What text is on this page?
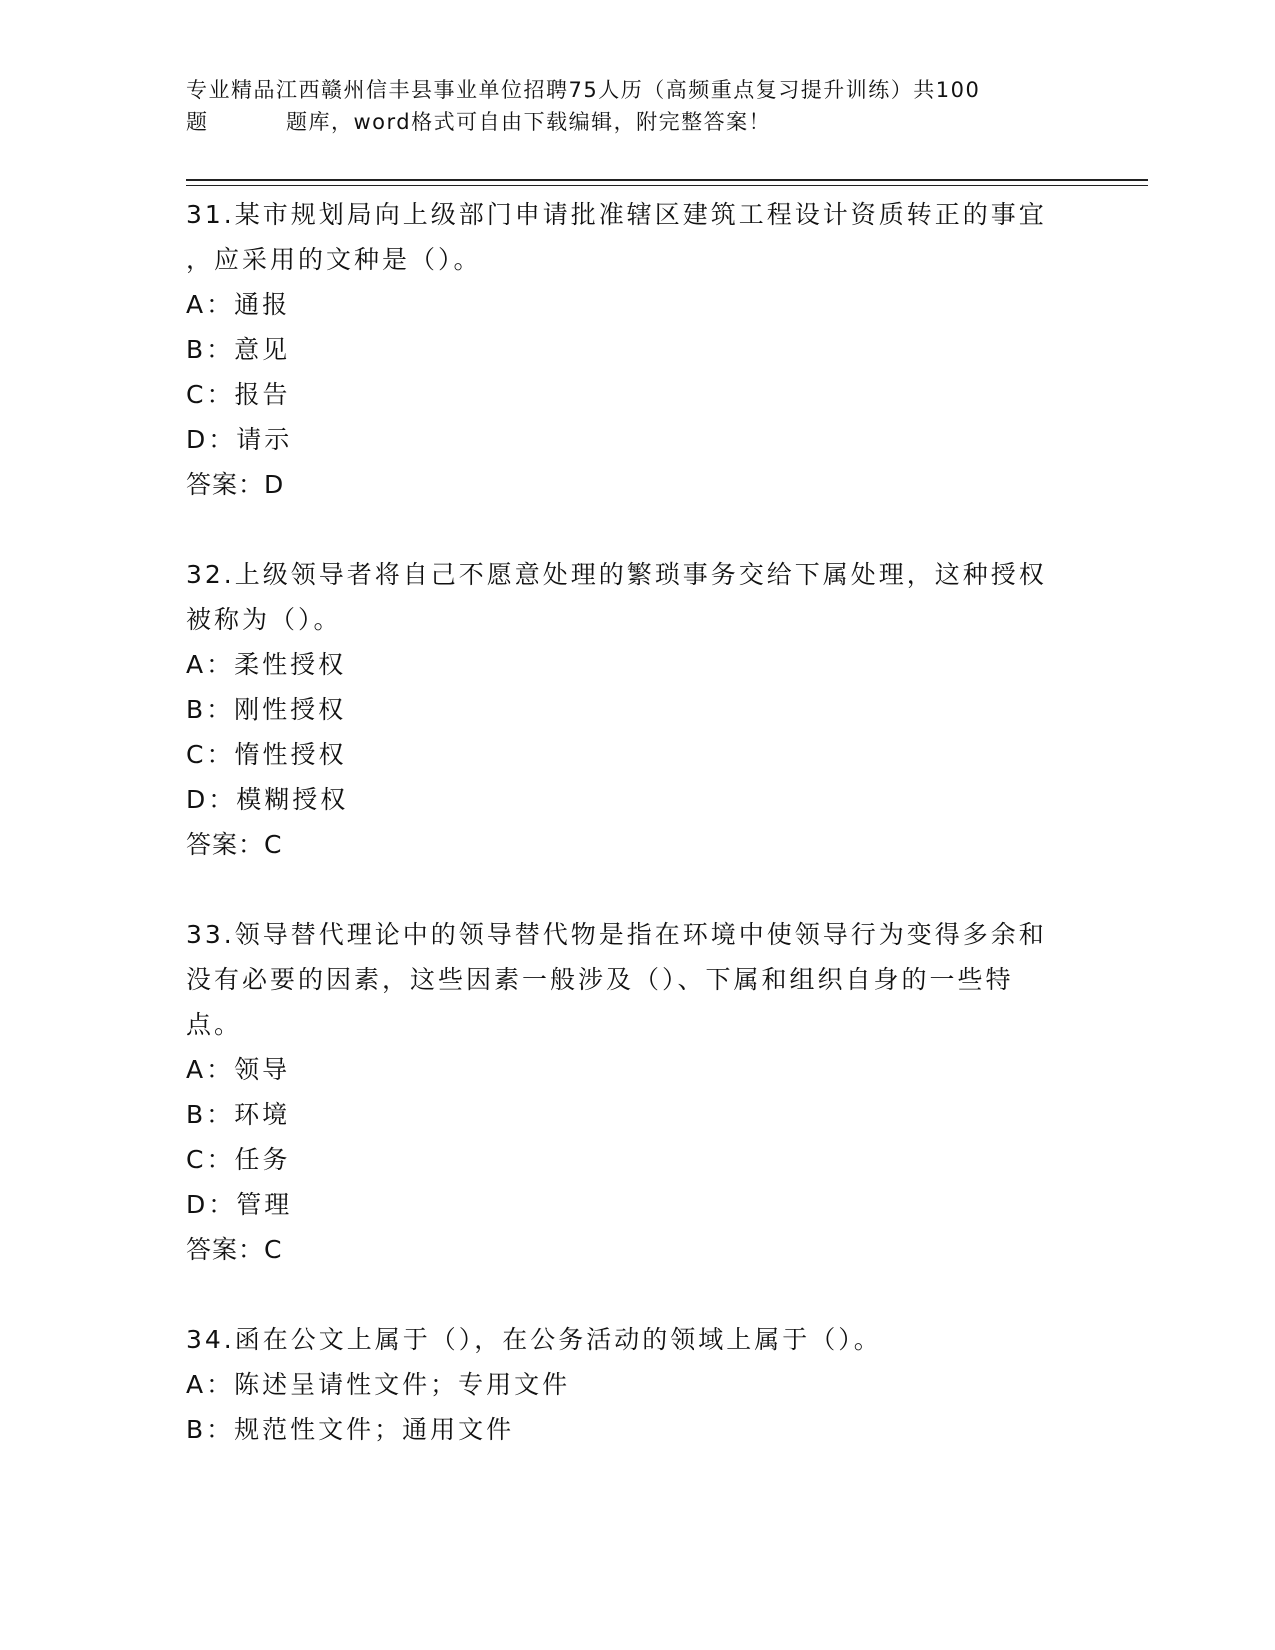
专业精品江西赣州信丰县事业单位招聘75人历（高频重点复习提升训练）共100
题	题库，word格式可自由下载编辑，附完整答案！

31.某市规划局向上级部门申请批准辖区建筑工程设计资质转正的事宜

，应采用的文种是（）。

A：通报

B：意见

C：报告

D：请示

答案：D

32.上级领导者将自己不愿意处理的繁琐事务交给下属处理，这种授权

被称为（）。

A：柔性授权

B：刚性授权

C：惰性授权

D：模糊授权

答案：C

33.领导替代理论中的领导替代物是指在环境中使领导行为变得多余和

没有必要的因素，这些因素一般涉及（）、下属和组织自身的一些特

点。

A：领导

B：环境

C：任务

D：管理

答案：C

34.函在公文上属于（），在公务活动的领域上属于（）。

A：陈述呈请性文件；专用文件

B：规范性文件；通用文件
